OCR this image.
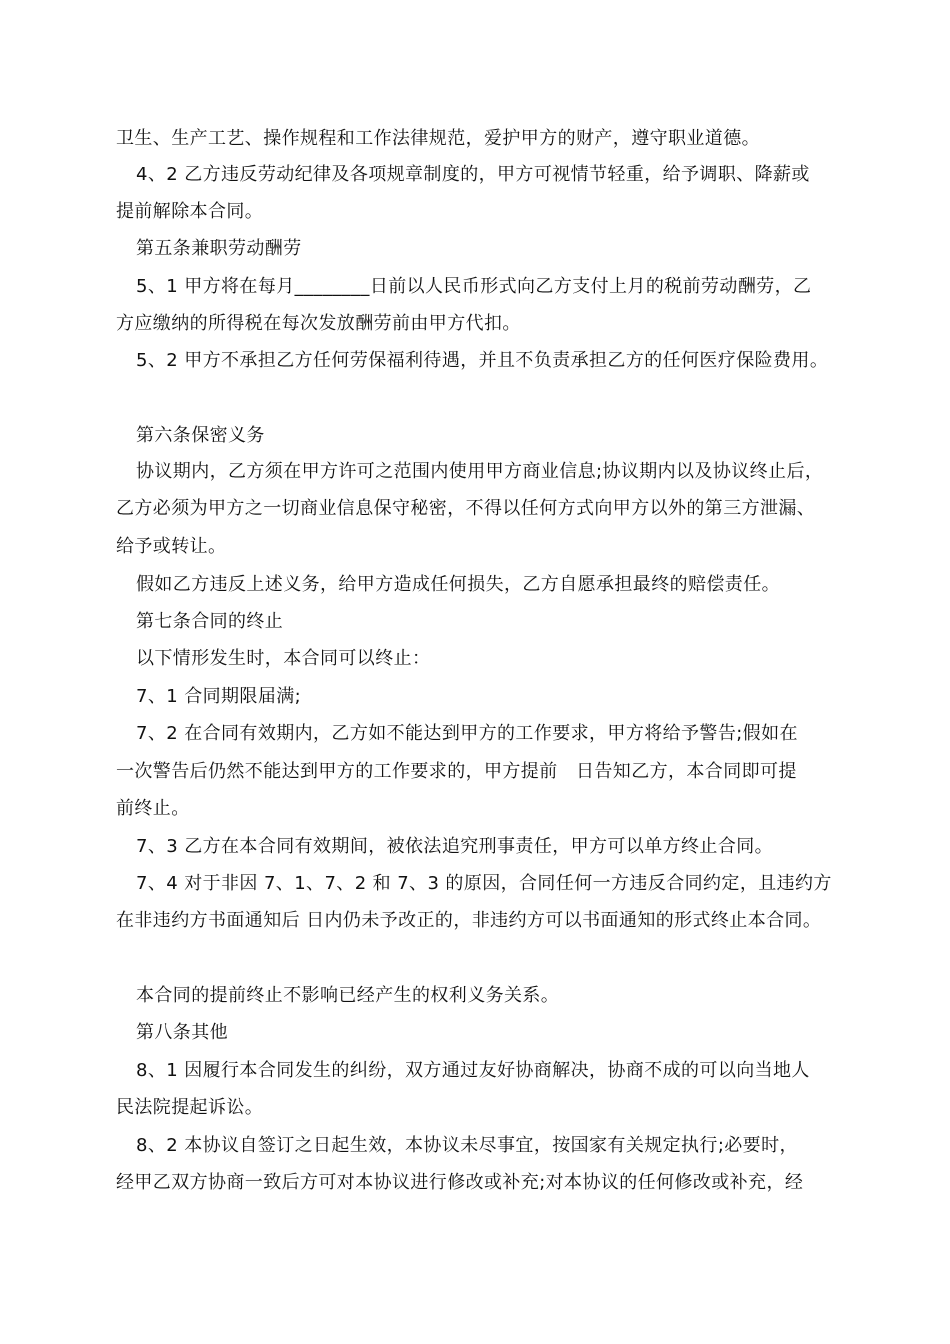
卫生、生产工艺、操作规程和工作法律规范，爱护甲方的财产，遵守职业道德。
4、2 乙方违反劳动纪律及各项规章制度的，甲方可视情节轻重，给予调职、降薪或
提前解除本合同。
第五条兼职劳动酬劳
5、1 甲方将在每月________日前以人民币形式向乙方支付上月的税前劳动酬劳，乙
方应缴纳的所得税在每次发放酬劳前由甲方代扣。
5、2 甲方不承担乙方任何劳保福利待遇，并且不负责承担乙方的任何医疗保险费用。
第六条保密义务
协议期内，乙方须在甲方许可之范围内使用甲方商业信息;协议期内以及协议终止后，
乙方必须为甲方之一切商业信息保守秘密，不得以任何方式向甲方以外的第三方泄漏、
给予或转让。
假如乙方违反上述义务，给甲方造成任何损失，乙方自愿承担最终的赔偿责任。
第七条合同的终止
以下情形发生时，本合同可以终止：
7、1 合同期限届满;
7、2 在合同有效期内，乙方如不能达到甲方的工作要求，甲方将给予警告;假如在
一次警告后仍然不能达到甲方的工作要求的，甲方提前　日告知乙方，本合同即可提
前终止。
7、3 乙方在本合同有效期间，被依法追究刑事责任，甲方可以单方终止合同。
7、4 对于非因 7、1、7、2 和 7、3 的原因，合同任何一方违反合同约定，且违约方
在非违约方书面通知后 日内仍未予改正的，非违约方可以书面通知的形式终止本合同。
本合同的提前终止不影响已经产生的权利义务关系。
第八条其他
8、1 因履行本合同发生的纠纷，双方通过友好协商解决，协商不成的可以向当地人
民法院提起诉讼。
8、2 本协议自签订之日起生效，本协议未尽事宜，按国家有关规定执行;必要时，
经甲乙双方协商一致后方可对本协议进行修改或补充;对本协议的任何修改或补充，经
